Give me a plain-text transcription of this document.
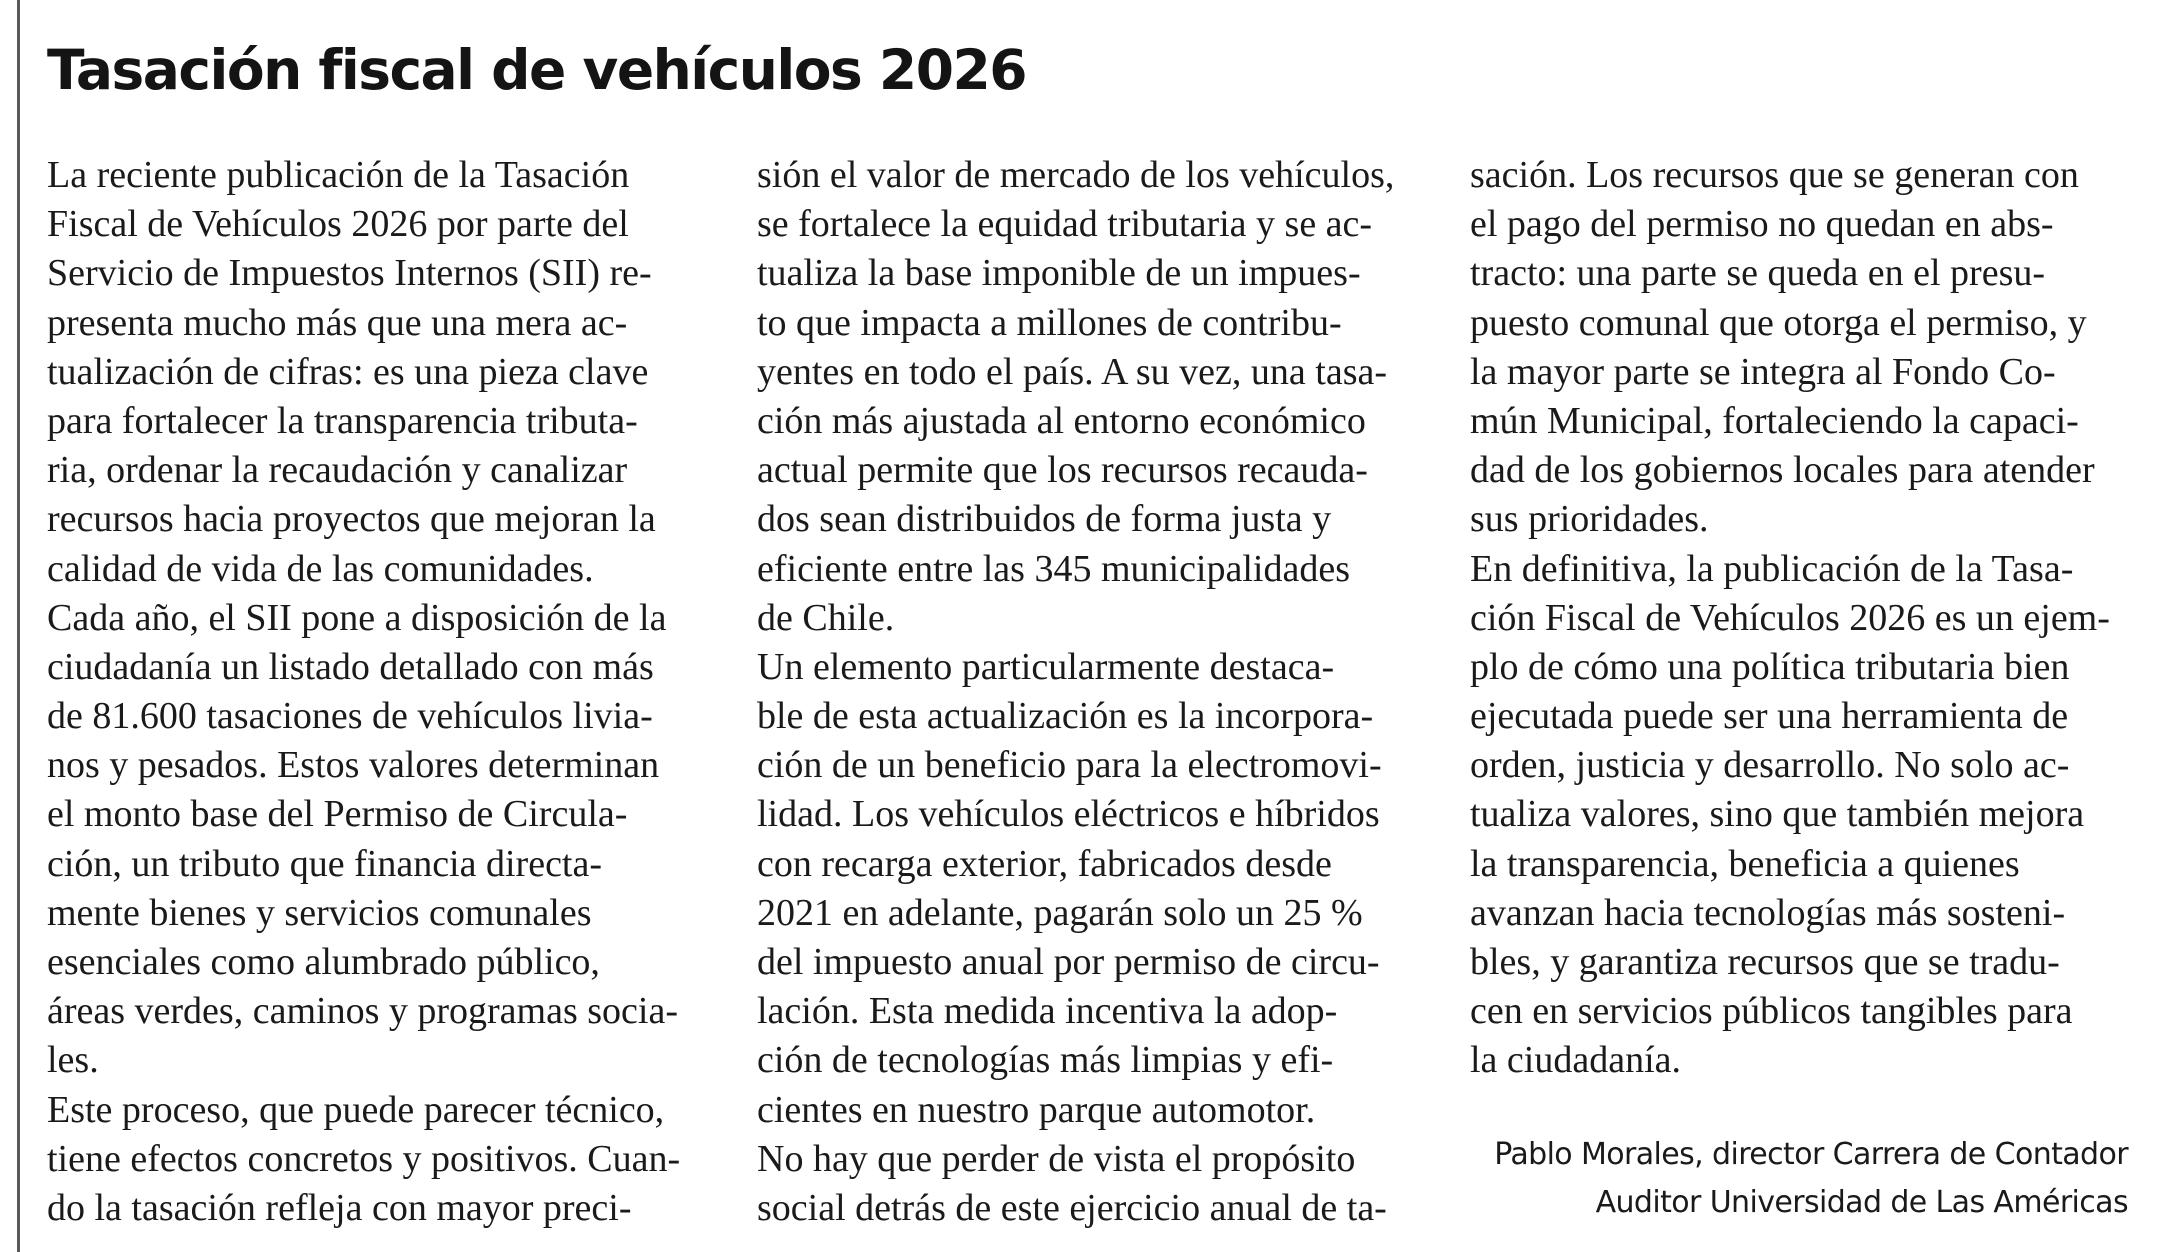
Tasación fiscal de vehículos 2026
La reciente publicación de la Tasación
Fiscal de Vehículos 2026 por parte del
Servicio de Impuestos Internos (SII) re-
presenta mucho más que una mera ac-
tualización de cifras: es una pieza clave
para fortalecer la transparencia tributa-
ria, ordenar la recaudación y canalizar
recursos hacia proyectos que mejoran la
calidad de vida de las comunidades.
Cada año, el SII pone a disposición de la
ciudadanía un listado detallado con más
de 81.600 tasaciones de vehículos livia-
nos y pesados. Estos valores determinan
el monto base del Permiso de Circula-
ción, un tributo que financia directa-
mente bienes y servicios comunales
esenciales como alumbrado público,
áreas verdes, caminos y programas socia-
les.
Este proceso, que puede parecer técnico,
tiene efectos concretos y positivos. Cuan-
do la tasación refleja con mayor preci-
sión el valor de mercado de los vehículos,
se fortalece la equidad tributaria y se ac-
tualiza la base imponible de un impues-
to que impacta a millones de contribu-
yentes en todo el país. A su vez, una tasa-
ción más ajustada al entorno económico
actual permite que los recursos recauda-
dos sean distribuidos de forma justa y
eficiente entre las 345 municipalidades
de Chile.
Un elemento particularmente destaca-
ble de esta actualización es la incorpora-
ción de un beneficio para la electromovi-
lidad. Los vehículos eléctricos e híbridos
con recarga exterior, fabricados desde
2021 en adelante, pagarán solo un 25 %
del impuesto anual por permiso de circu-
lación. Esta medida incentiva la adop-
ción de tecnologías más limpias y efi-
cientes en nuestro parque automotor.
No hay que perder de vista el propósito
social detrás de este ejercicio anual de ta-
sación. Los recursos que se generan con
el pago del permiso no quedan en abs-
tracto: una parte se queda en el presu-
puesto comunal que otorga el permiso, y
la mayor parte se integra al Fondo Co-
mún Municipal, fortaleciendo la capaci-
dad de los gobiernos locales para atender
sus prioridades.
En definitiva, la publicación de la Tasa-
ción Fiscal de Vehículos 2026 es un ejem-
plo de cómo una política tributaria bien
ejecutada puede ser una herramienta de
orden, justicia y desarrollo. No solo ac-
tualiza valores, sino que también mejora
la transparencia, beneficia a quienes
avanzan hacia tecnologías más sosteni-
bles, y garantiza recursos que se tradu-
cen en servicios públicos tangibles para
la ciudadanía.
Pablo Morales, director Carrera de Contador
Auditor Universidad de Las Américas
